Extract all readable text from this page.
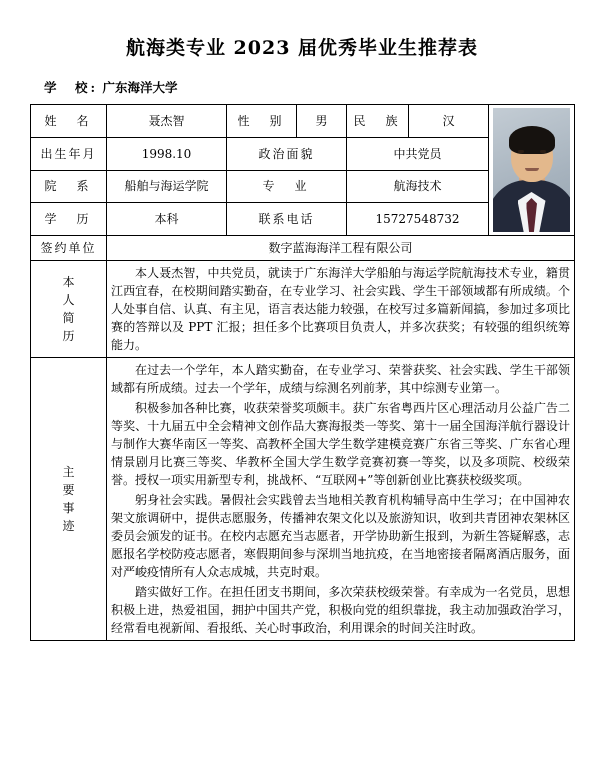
航海类专业 2023 届优秀毕业生推荐表
学　校: 广东海洋大学
姓　名	聂杰智	性　别	男	民　族	汉	

出生年月	1998.10	政治面貌		中共党员		
院　系	船舶与海运学院	专　业		航海技术		
学　历	本科	联系电话		15727548732		
签约单位	数字蓝海海洋工程有限公司					

本
人
简
历	本人聂杰智，中共党员，就读于广东海洋大学船舶与海运学院航海技术专业，籍贯江西宜春，在校期间踏实勤奋，在专业学习、社会实践、学生干部领域都有所成绩。个人处事自信、认真、有主见，语言表达能力较强，在校写过多篇新闻搞，参加过多项比赛的答辩以及 PPT 汇报；担任多个比赛项目负责人，并多次获奖；有较强的组织统筹能力。					

主
要
事
迹

在过去一个学年，本人踏实勤奋，在专业学习、荣誉获奖、社会实践、学生干部领域都有所成绩。过去一个学年，成绩与综测名列前茅，其中综测专业第一。

积极参加各种比赛，收获荣誉奖项颇丰。获广东省粤西片区心理活动月公益广告二等奖、十九届五中全会精神文创作品大赛海报类一等奖、第十一届全国海洋航行器设计与制作大赛华南区一等奖、高教杯全国大学生数学建模竞赛广东省三等奖、广东省心理情景剧月比赛三等奖、华教杯全国大学生数学竞赛初赛一等奖，以及多项院、校级荣誉。授权一项实用新型专利，挑战杯、“互联网+”等创新创业比赛获校级奖项。

躬身社会实践。暑假社会实践曾去当地相关教育机构辅导高中生学习；在中国神农架文旅调研中，提供志愿服务，传播神农架文化以及旅游知识，收到共青团神农架林区委员会颁发的证书。在校内志愿充当志愿者，开学协助新生报到，为新生答疑解惑，志愿报名学校防疫志愿者，寒假期间参与深圳当地抗疫，在当地密接者隔离酒店服务，面对严峻疫情所有人众志成城，共克时艰。

踏实做好工作。在担任团支书期间，多次荣获校级荣誉。有幸成为一名党员，思想积极上进，热爱祖国，拥护中国共产党，积极向党的组织靠拢，我主动加强政治学习，经常看电视新闻、看报纸、关心时事政治，利用课余的时间关注时政。
